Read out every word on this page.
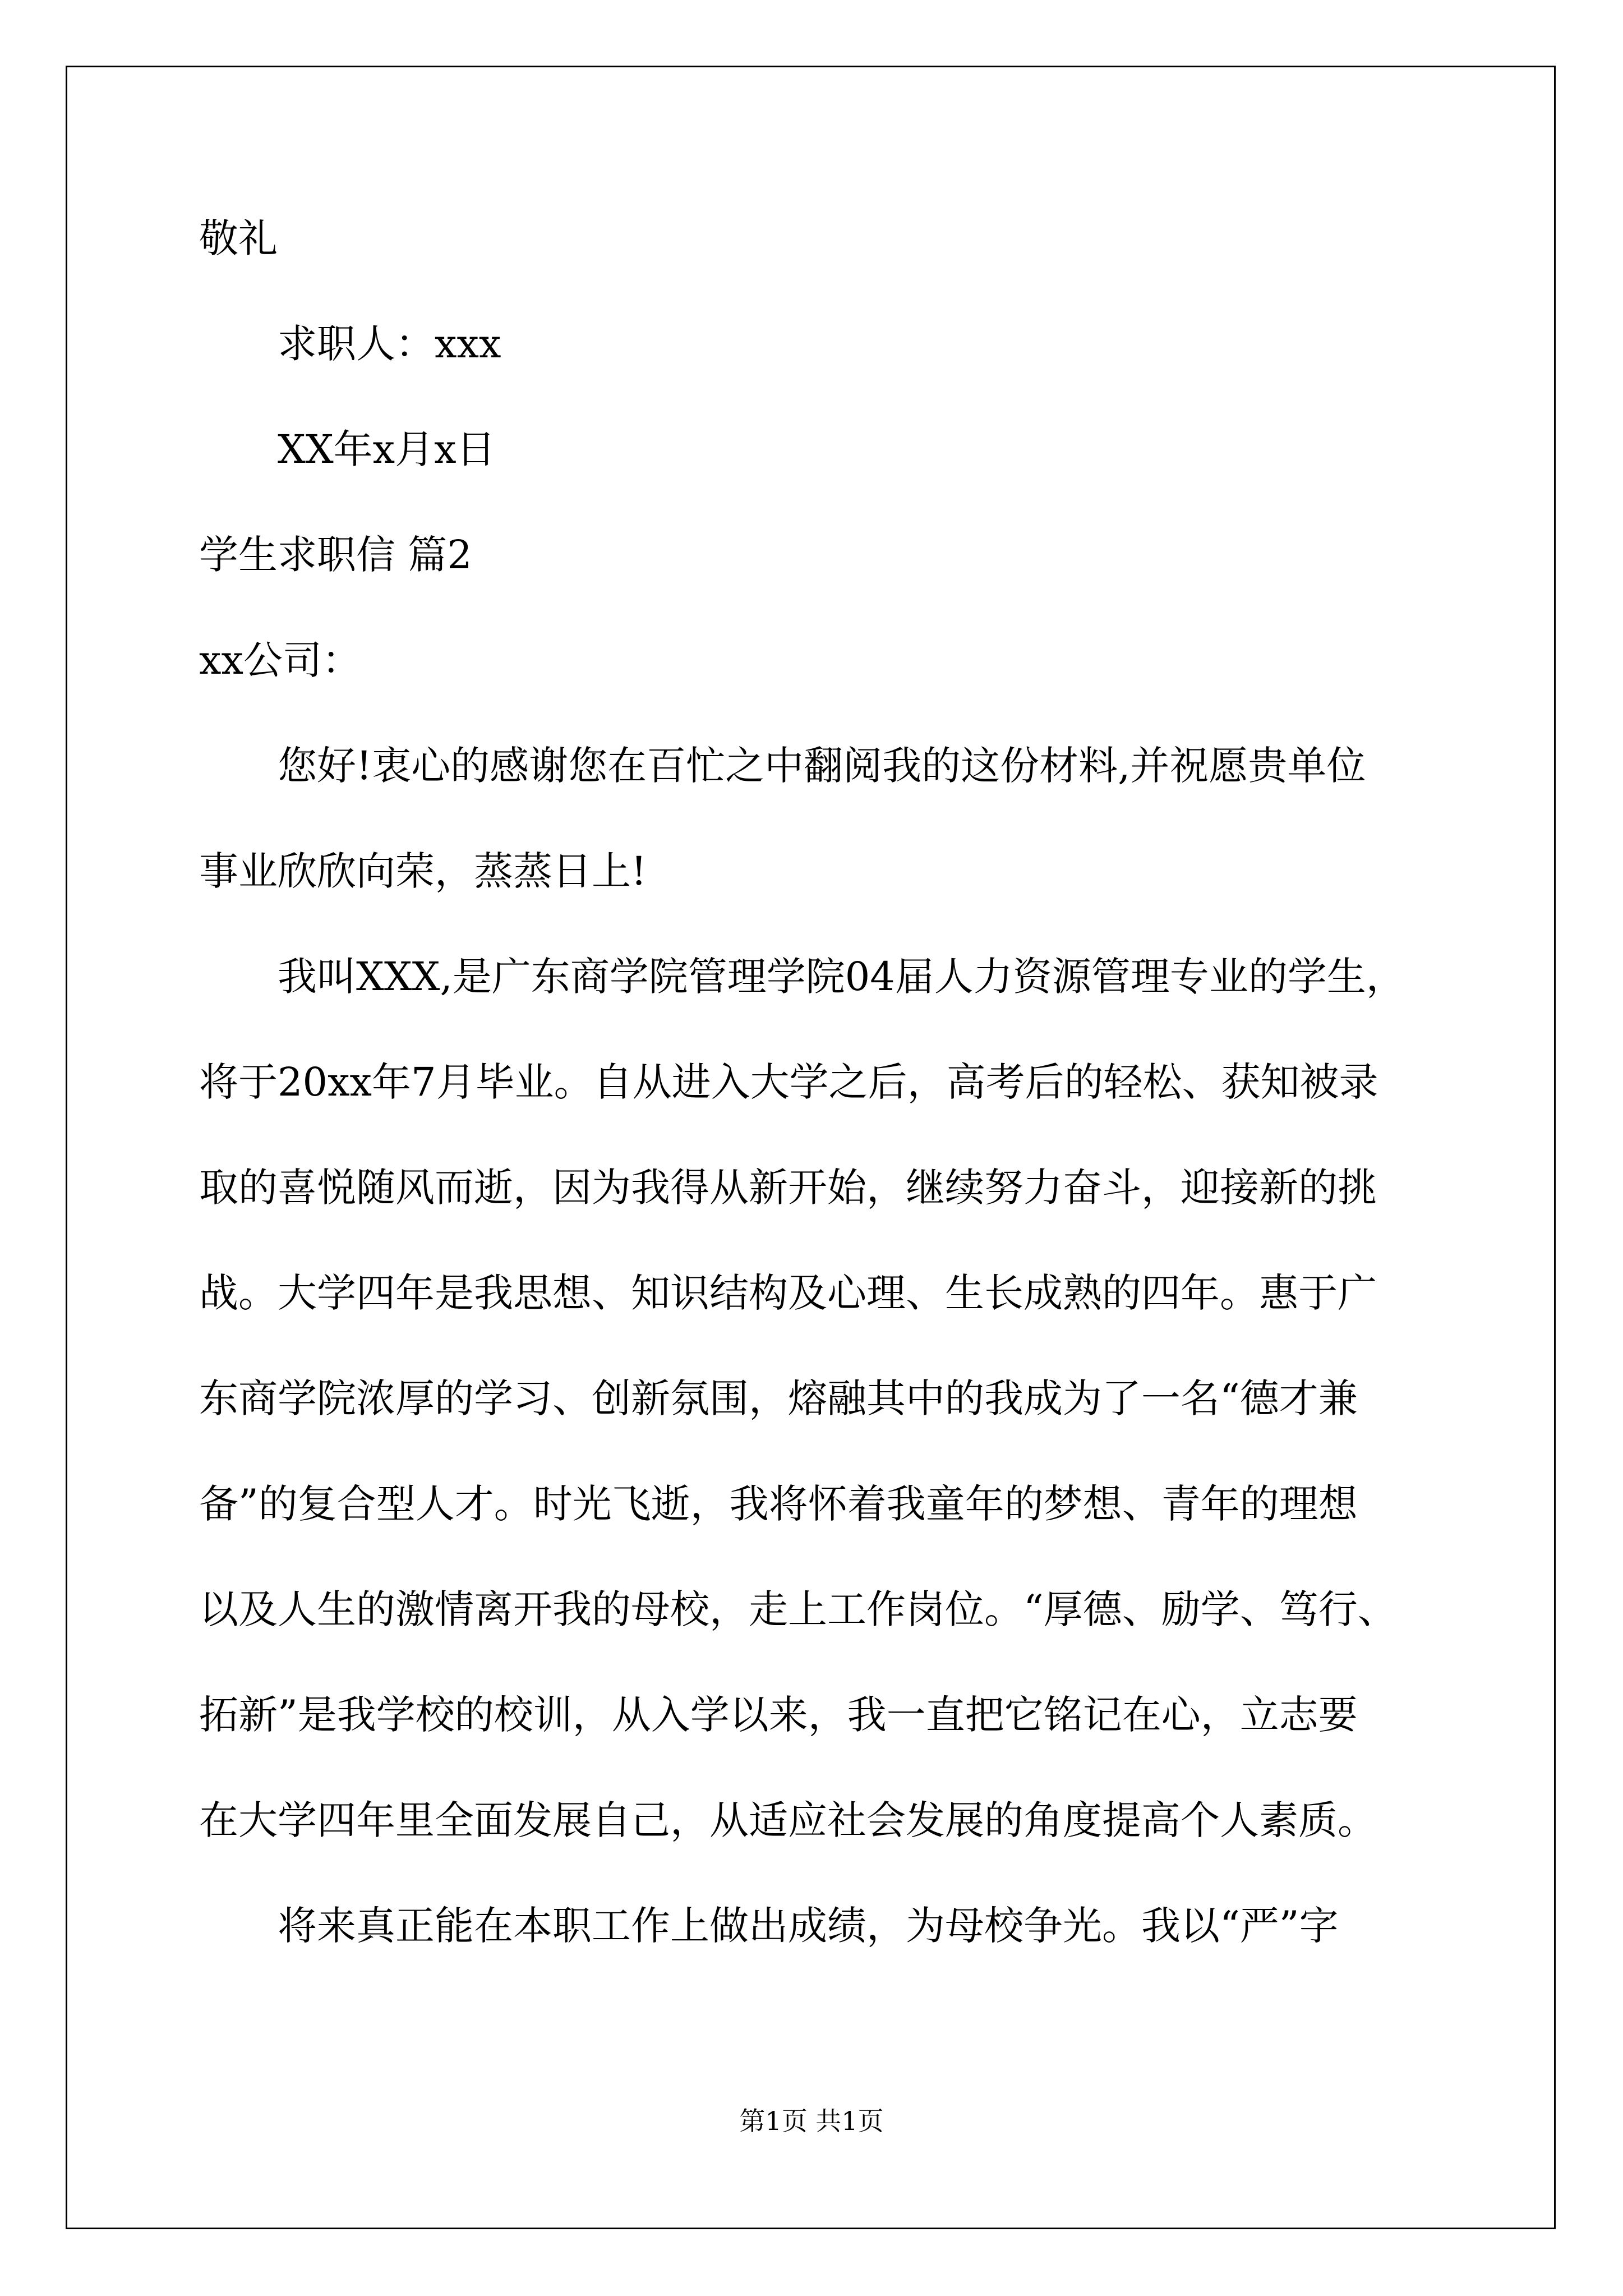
敬礼
求职人：xxx
XX年x月x日
学生求职信 篇2
xx公司：
您好!衷心的感谢您在百忙之中翻阅我的这份材料,并祝愿贵单位
事业欣欣向荣，蒸蒸日上!
我叫XXX,是广东商学院管理学院04届人力资源管理专业的学生，
将于20xx年7月毕业。自从进入大学之后，高考后的轻松、获知被录
取的喜悦随风而逝，因为我得从新开始，继续努力奋斗，迎接新的挑
战。大学四年是我思想、知识结构及心理、生长成熟的四年。惠于广
东商学院浓厚的学习、创新氛围，熔融其中的我成为了一名“德才兼
备”的复合型人才。时光飞逝，我将怀着我童年的梦想、青年的理想
以及人生的激情离开我的母校，走上工作岗位。“厚德、励学、笃行、
拓新”是我学校的校训，从入学以来，我一直把它铭记在心，立志要
在大学四年里全面发展自己，从适应社会发展的角度提高个人素质。
将来真正能在本职工作上做出成绩，为母校争光。我以“严”字
第1页 共1页
